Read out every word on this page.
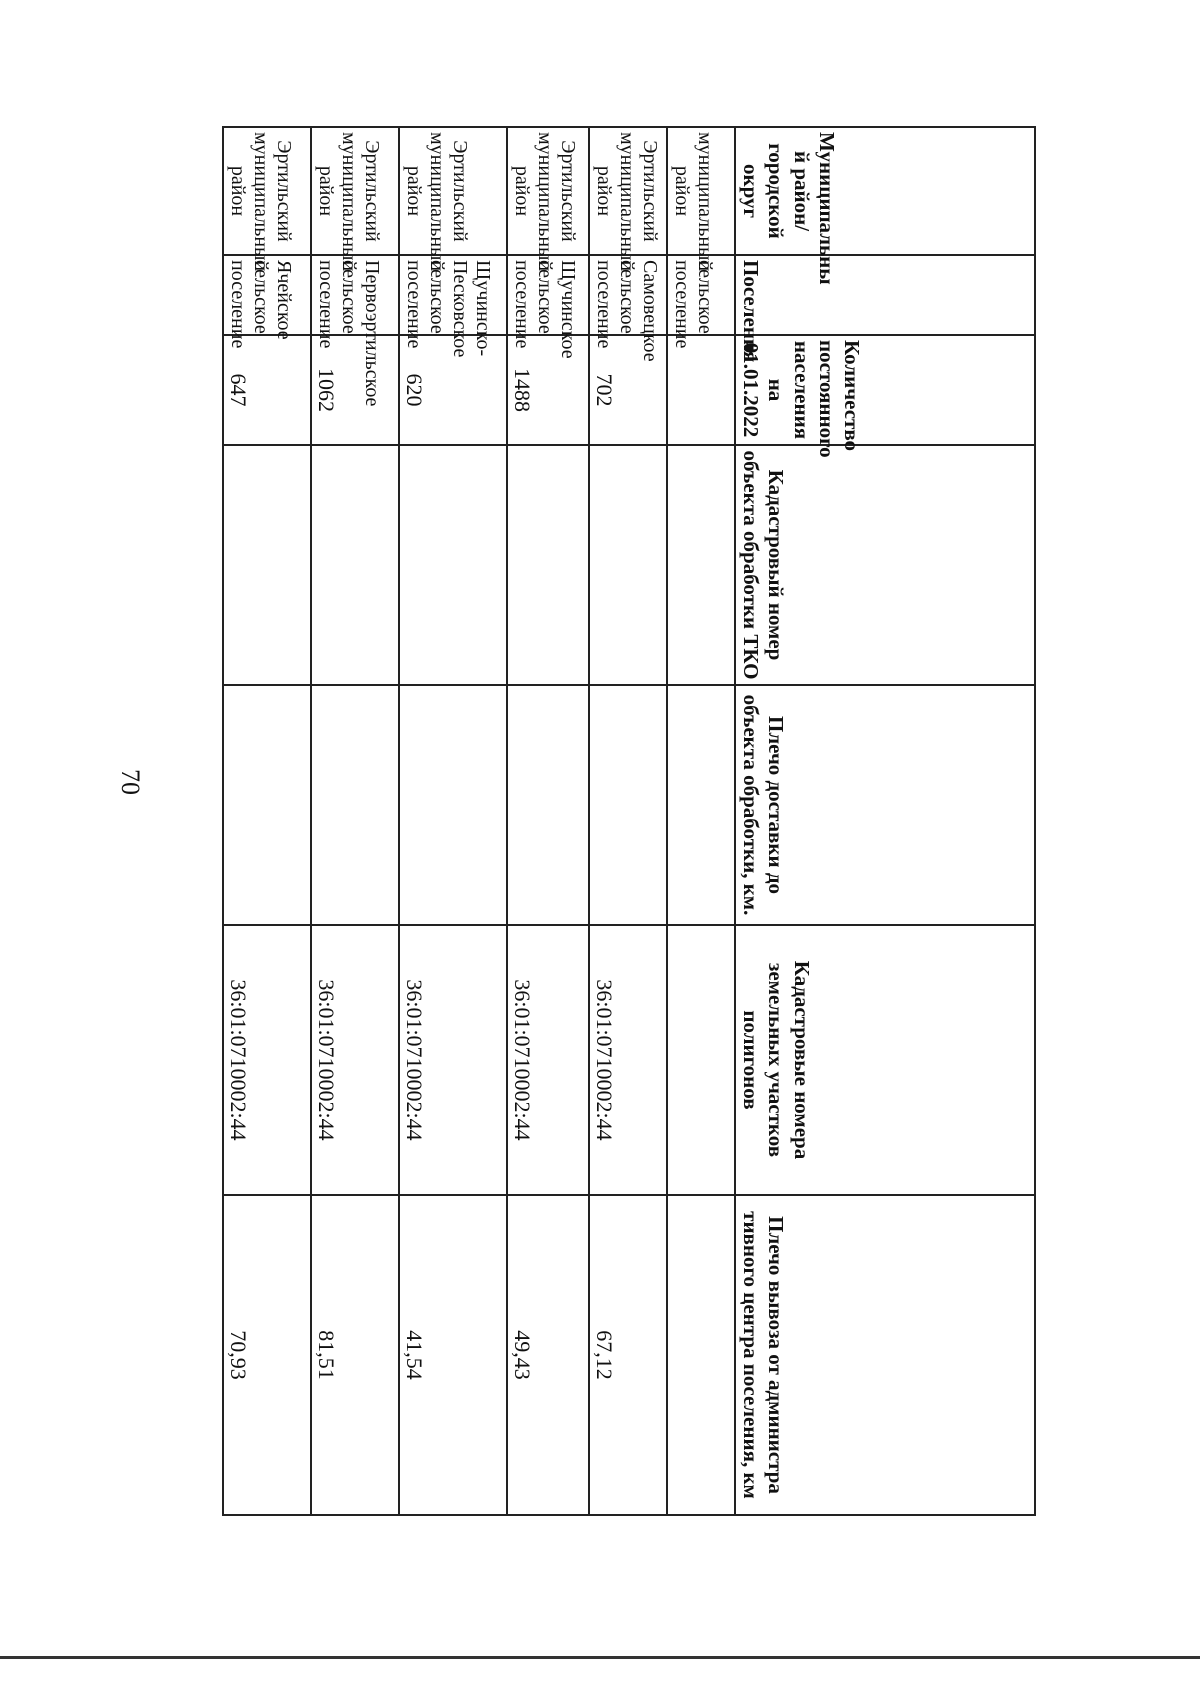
70
Муниципальны й район/ городской округ	Поселения	Количество постоянного населения на 01.01.2022	Кадастровый номер объекта обработки ТКО	Плечо доставки до объекта обработки, км.	Кадастровые номера земельных участков полигонов	Плечо вывоза от администра тивного центра поселения, км
муниципальный район	сельское поселение					
Эртильский муниципальный район	Самовецкое сельское поселение	702			36:01:0710002:44	67,12
Эртильский муниципальный район	Щучинское сельское поселение	1488			36:01:0710002:44	49,43
Эртильский муниципальный район	Щучинско-Песковское сельское поселение	620			36:01:0710002:44	41,54
Эртильский муниципальный район	Первоэртильское сельское поселение	1062			36:01:0710002:44	81,51
Эртильский муниципальный район	Ячейское сельское поселение	647			36:01:0710002:44	70,93
